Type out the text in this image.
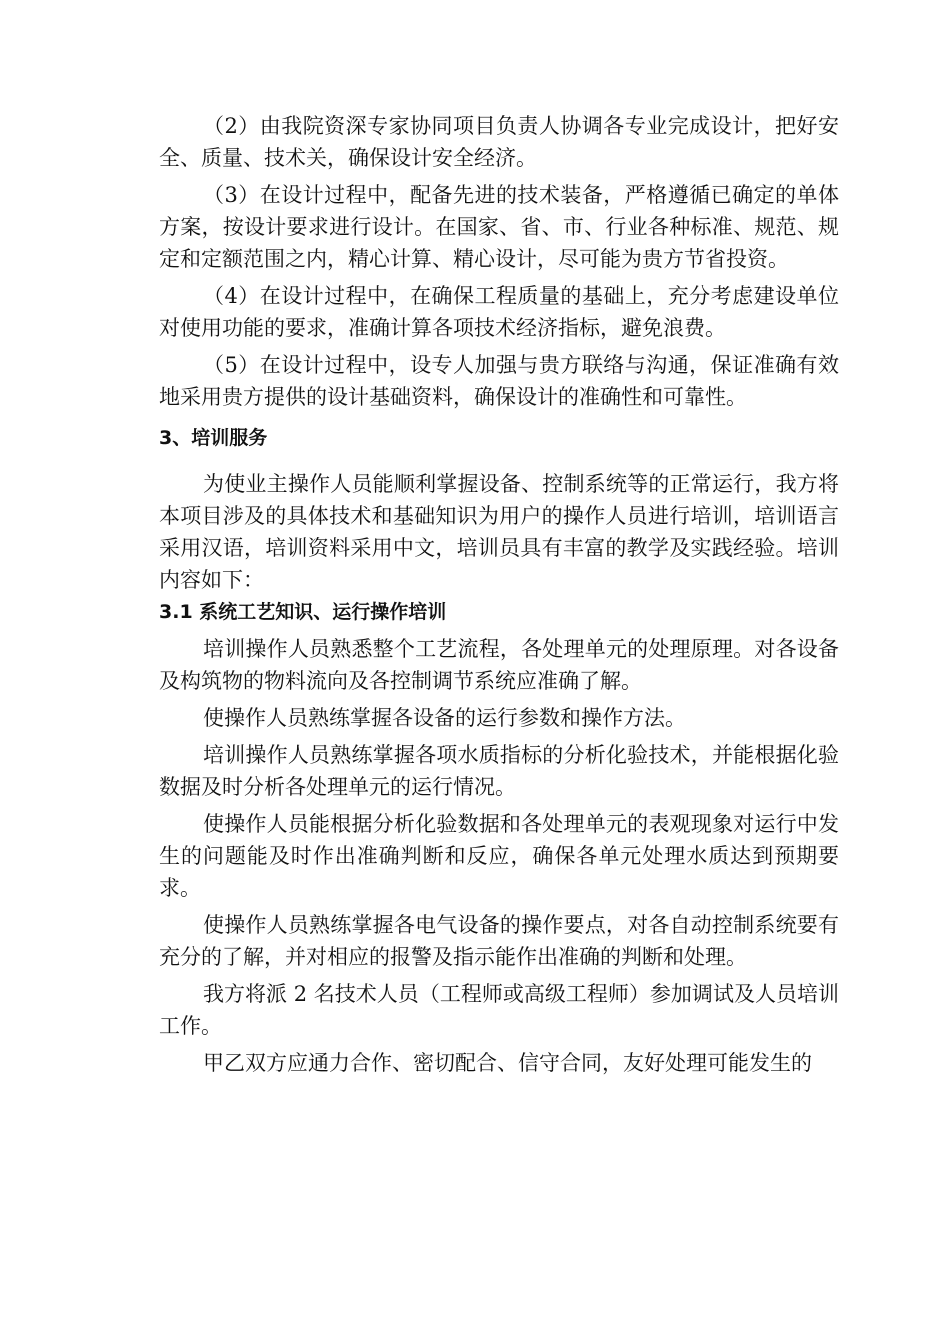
（2）由我院资深专家协同项目负责人协调各专业完成设计，把好安全、质量、技术关，确保设计安全经济。

（3）在设计过程中，配备先进的技术装备，严格遵循已确定的单体方案，按设计要求进行设计。在国家、省、市、行业各种标准、规范、规定和定额范围之内，精心计算、精心设计，尽可能为贵方节省投资。

（4）在设计过程中，在确保工程质量的基础上，充分考虑建设单位对使用功能的要求，准确计算各项技术经济指标，避免浪费。

（5）在设计过程中，设专人加强与贵方联络与沟通，保证准确有效地采用贵方提供的设计基础资料，确保设计的准确性和可靠性。

3、培训服务

为使业主操作人员能顺利掌握设备、控制系统等的正常运行，我方将本项目涉及的具体技术和基础知识为用户的操作人员进行培训，培训语言采用汉语，培训资料采用中文，培训员具有丰富的教学及实践经验。培训内容如下：

3.1 系统工艺知识、运行操作培训

培训操作人员熟悉整个工艺流程，各处理单元的处理原理。对各设备及构筑物的物料流向及各控制调节系统应准确了解。

使操作人员熟练掌握各设备的运行参数和操作方法。

培训操作人员熟练掌握各项水质指标的分析化验技术，并能根据化验数据及时分析各处理单元的运行情况。

使操作人员能根据分析化验数据和各处理单元的表观现象对运行中发生的问题能及时作出准确判断和反应，确保各单元处理水质达到预期要求。

使操作人员熟练掌握各电气设备的操作要点，对各自动控制系统要有充分的了解，并对相应的报警及指示能作出准确的判断和处理。

我方将派 2 名技术人员（工程师或高级工程师）参加调试及人员培训工作。

甲乙双方应通力合作、密切配合、信守合同，友好处理可能发生的
